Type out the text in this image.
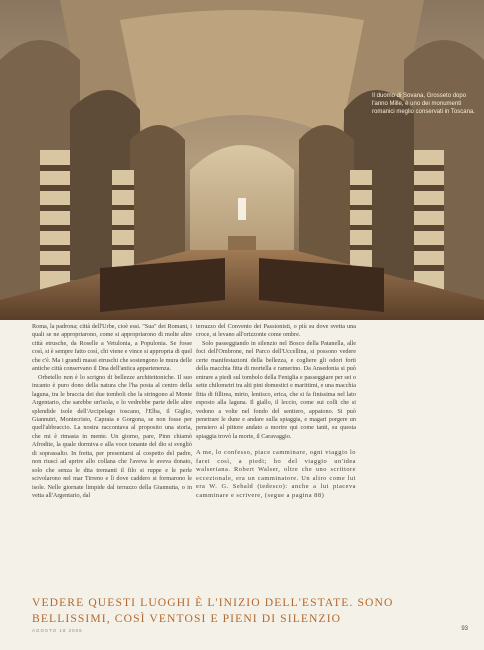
Il duomo di Sovana, Grosseto dopo l'anno Mille, è uno dei monumenti romanici meglio conservati in Toscana.

Roma, la padrona; città dell'Urbe, cioè essi. "Sua" dei Romani, i quali se ne appropriarono, come si appropriarono di molte altre città etrusche, da Roselle a Vetulonia, a Populonia. Se fosse così, si è sempre fatto così, chi viene e vince si appropria di quel che c'è. Ma i grandi massi etruschi che sostengono le mura delle antiche città conservano il Dna dell'antica appartenenza.

Orbetello non è lo scrigno di bellezze architettoniche. Il suo incanto è puro dono della natura che l'ha posta al centro della laguna, tra le braccia dei due tomboli che la stringono al Monte Argentario, che sarebbe un'isola, e lo vedrebbe parte delle altre splendide isole dell'Arcipelago toscano, l'Elba, il Giglio, Giannutri, Montecristo, Capraia e Gorgona, se non fosse per quell'abbraccio. La nostra raccontava al proposito una storia, che mi è rimasta in mente. Un giorno, pare, Pinn chiamò Afrodite, la quale dormiva e alla voce tonante del dio si svegliò di soprassalto. In fretta, per presentarsi al cospetto del padre, non riuscì ad aprire allo collana che l'aveva le aveva donato, solo che senza le dita tremanti il filo si ruppe e le perle scivolarono nel mar Tirreno e lì dove caddero si formarono le isole. Nelle giornate limpide dal terrazzo della Giannutta, o in vetta all'Argentario, dal

terrazzo del Convento dei Passionisti, o più su dove svetta una croce, si levano all'orizzonte come ombre.

Solo passeggiando in silenzio nel Bosco della Patanella, alle foci dell'Ombrone, nel Parco dell'Uccellina, si possono vedere certe manifestazioni della bellezza, e cogliere gli odori forti della macchia fitta di mortella e ramerino. Da Ansedonia si può entrare a piedi sul tombolo della Feniglia e passeggiare per sei o sette chilometri tra alti pini domestici e marittimi, e una macchia fitta di fillirea, mirto, lentisco, erica, che si fa finissima nel lato esposto alla laguna. Il giallo, il leccio, come sui colli che si vedono a volte nel fondo del sentiero, appaiono. Si può penetrare le dune e andare sulla spiaggia, e magari porgere un pensiero al pittore andato a morire qui come tanti, su questa spiaggia trovò la morte, il Caravaggio.

A me, lo confesso, piace camminare, ogni viaggio lo farei così, a piedi; ho del viaggio un'idea walseriana. Robert Walser, oltre che uno scrittore eccezionale, era un camminatore. Un altro come lui era W. G. Sebald (tedesco): anche a lui piaceva camminare e scrivere, (segue a pagina 88)

VEDERE QUESTI LUOGHI È L'INIZIO DELL'ESTATE. SONO BELLISSIMI, COSÌ VENTOSI E PIENI DI SILENZIO
AGOSTO 18 2006	93
